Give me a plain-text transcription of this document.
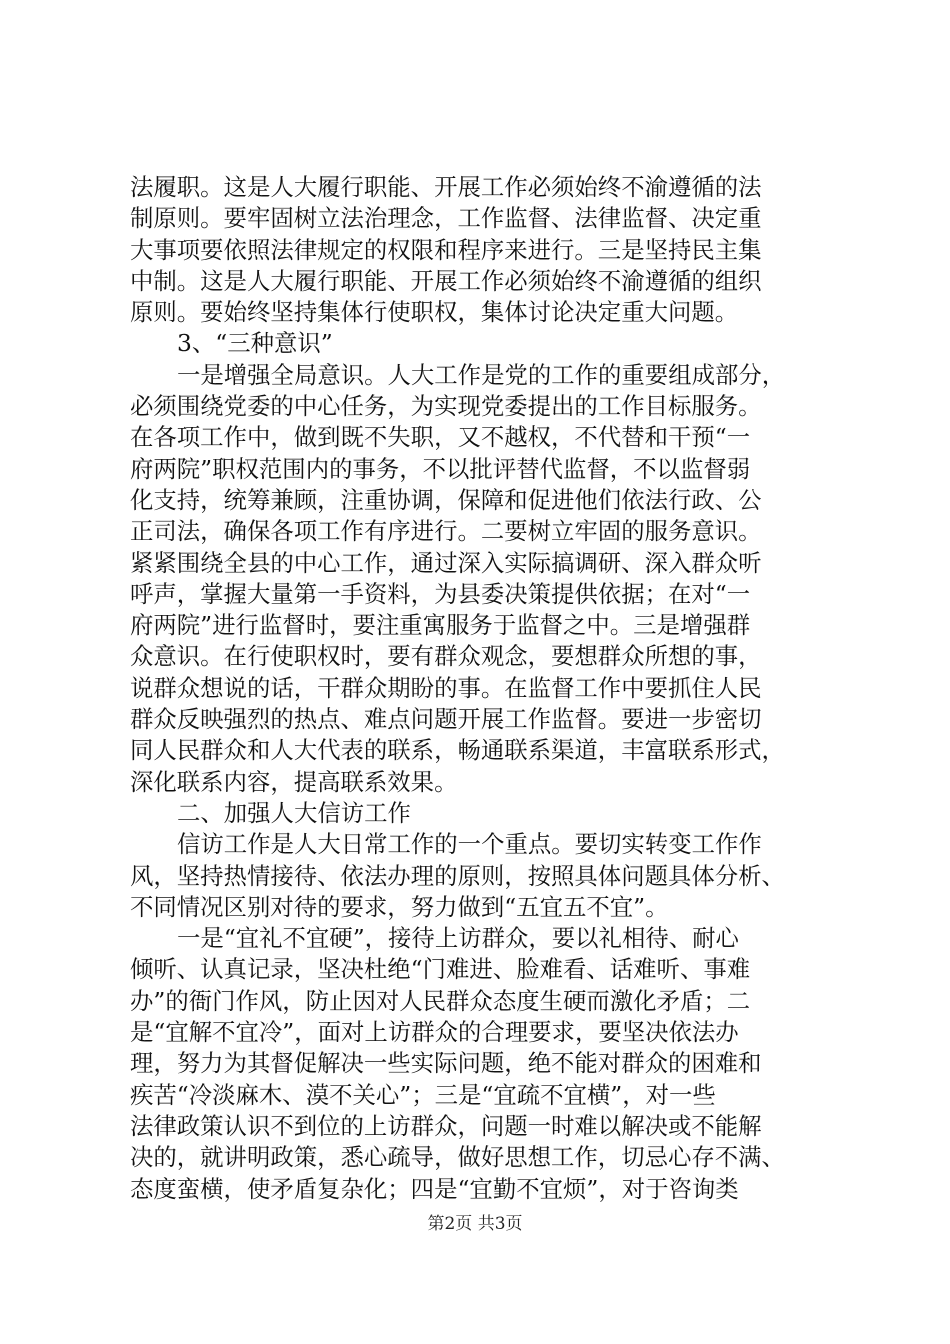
法履职。这是人大履行职能、开展工作必须始终不渝遵循的法

制原则。要牢固树立法治理念，工作监督、法律监督、决定重

大事项要依照法律规定的权限和程序来进行。三是坚持民主集

中制。这是人大履行职能、开展工作必须始终不渝遵循的组织

原则。要始终坚持集体行使职权，集体讨论决定重大问题。

3、“三种意识”

一是增强全局意识。人大工作是党的工作的重要组成部分，

必须围绕党委的中心任务，为实现党委提出的工作目标服务。

在各项工作中，做到既不失职，又不越权，不代替和干预“一

府两院”职权范围内的事务，不以批评替代监督，不以监督弱

化支持，统筹兼顾，注重协调，保障和促进他们依法行政、公

正司法，确保各项工作有序进行。二要树立牢固的服务意识。

紧紧围绕全县的中心工作，通过深入实际搞调研、深入群众听

呼声，掌握大量第一手资料，为县委决策提供依据；在对“一

府两院”进行监督时，要注重寓服务于监督之中。三是增强群

众意识。在行使职权时，要有群众观念，要想群众所想的事，

说群众想说的话，干群众期盼的事。在监督工作中要抓住人民

群众反映强烈的热点、难点问题开展工作监督。要进一步密切

同人民群众和人大代表的联系，畅通联系渠道，丰富联系形式，

深化联系内容，提高联系效果。

二、加强人大信访工作

信访工作是人大日常工作的一个重点。要切实转变工作作

风，坚持热情接待、依法办理的原则，按照具体问题具体分析、

不同情况区别对待的要求，努力做到“五宜五不宜”。

一是“宜礼不宜硬”，接待上访群众，要以礼相待、耐心

倾听、认真记录，坚决杜绝“门难进、脸难看、话难听、事难

办”的衙门作风，防止因对人民群众态度生硬而激化矛盾；二

是“宜解不宜冷”，面对上访群众的合理要求，要坚决依法办

理，努力为其督促解决一些实际问题，绝不能对群众的困难和

疾苦“冷淡麻木、漠不关心”；三是“宜疏不宜横”，对一些

法律政策认识不到位的上访群众，问题一时难以解决或不能解

决的，就讲明政策，悉心疏导，做好思想工作，切忌心存不满、

态度蛮横，使矛盾复杂化；四是“宜勤不宜烦”，对于咨询类

第2页 共3页
